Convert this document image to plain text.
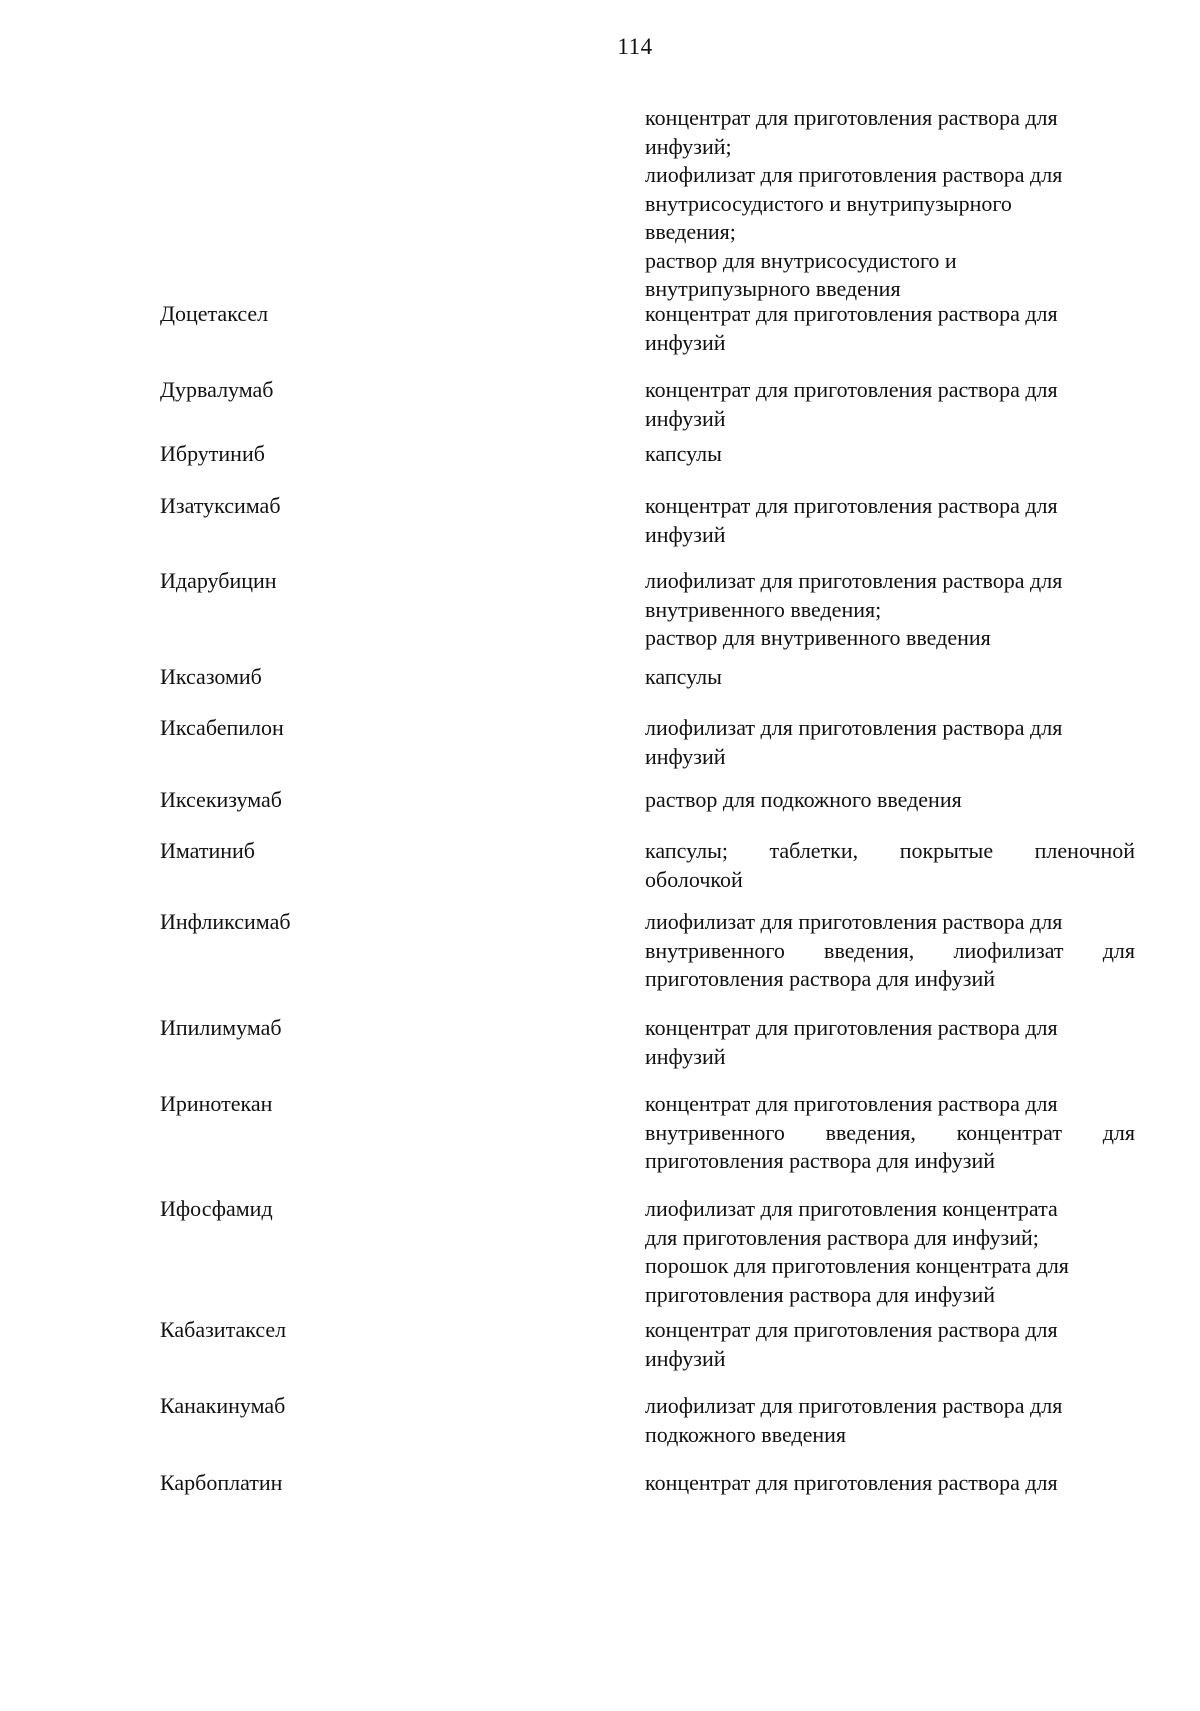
114
концентрат для приготовления раствора для
инфузий;
лиофилизат для приготовления раствора для
внутрисосудистого и внутрипузырного
введения;
раствор для внутрисосудистого и
внутрипузырного введения
Доцетаксел	концентрат для приготовления раствора для
инфузий
Дурвалумаб	концентрат для приготовления раствора для
инфузий
Ибрутиниб	капсулы
Изатуксимаб	концентрат для приготовления раствора для
инфузий
Идарубицин	лиофилизат для приготовления раствора для
внутривенного введения;
раствор для внутривенного введения
Иксазомиб	капсулы
Иксабепилон	лиофилизат для приготовления раствора для
инфузий
Иксекизумаб	раствор для подкожного введения
Иматиниб	капсулы; таблетки, покрытые пленочной
оболочкой
Инфликсимаб	лиофилизат для приготовления раствора для
внутривенного введения, лиофилизат для
приготовления раствора для инфузий
Ипилимумаб	концентрат для приготовления раствора для
инфузий
Иринотекан	концентрат для приготовления раствора для
внутривенного введения, концентрат для
приготовления раствора для инфузий
Ифосфамид	лиофилизат для приготовления концентрата
для приготовления раствора для инфузий;
порошок для приготовления концентрата для
приготовления раствора для инфузий
Кабазитаксел	концентрат для приготовления раствора для
инфузий
Канакинумаб	лиофилизат для приготовления раствора для
подкожного введения
Карбоплатин	концентрат для приготовления раствора для
